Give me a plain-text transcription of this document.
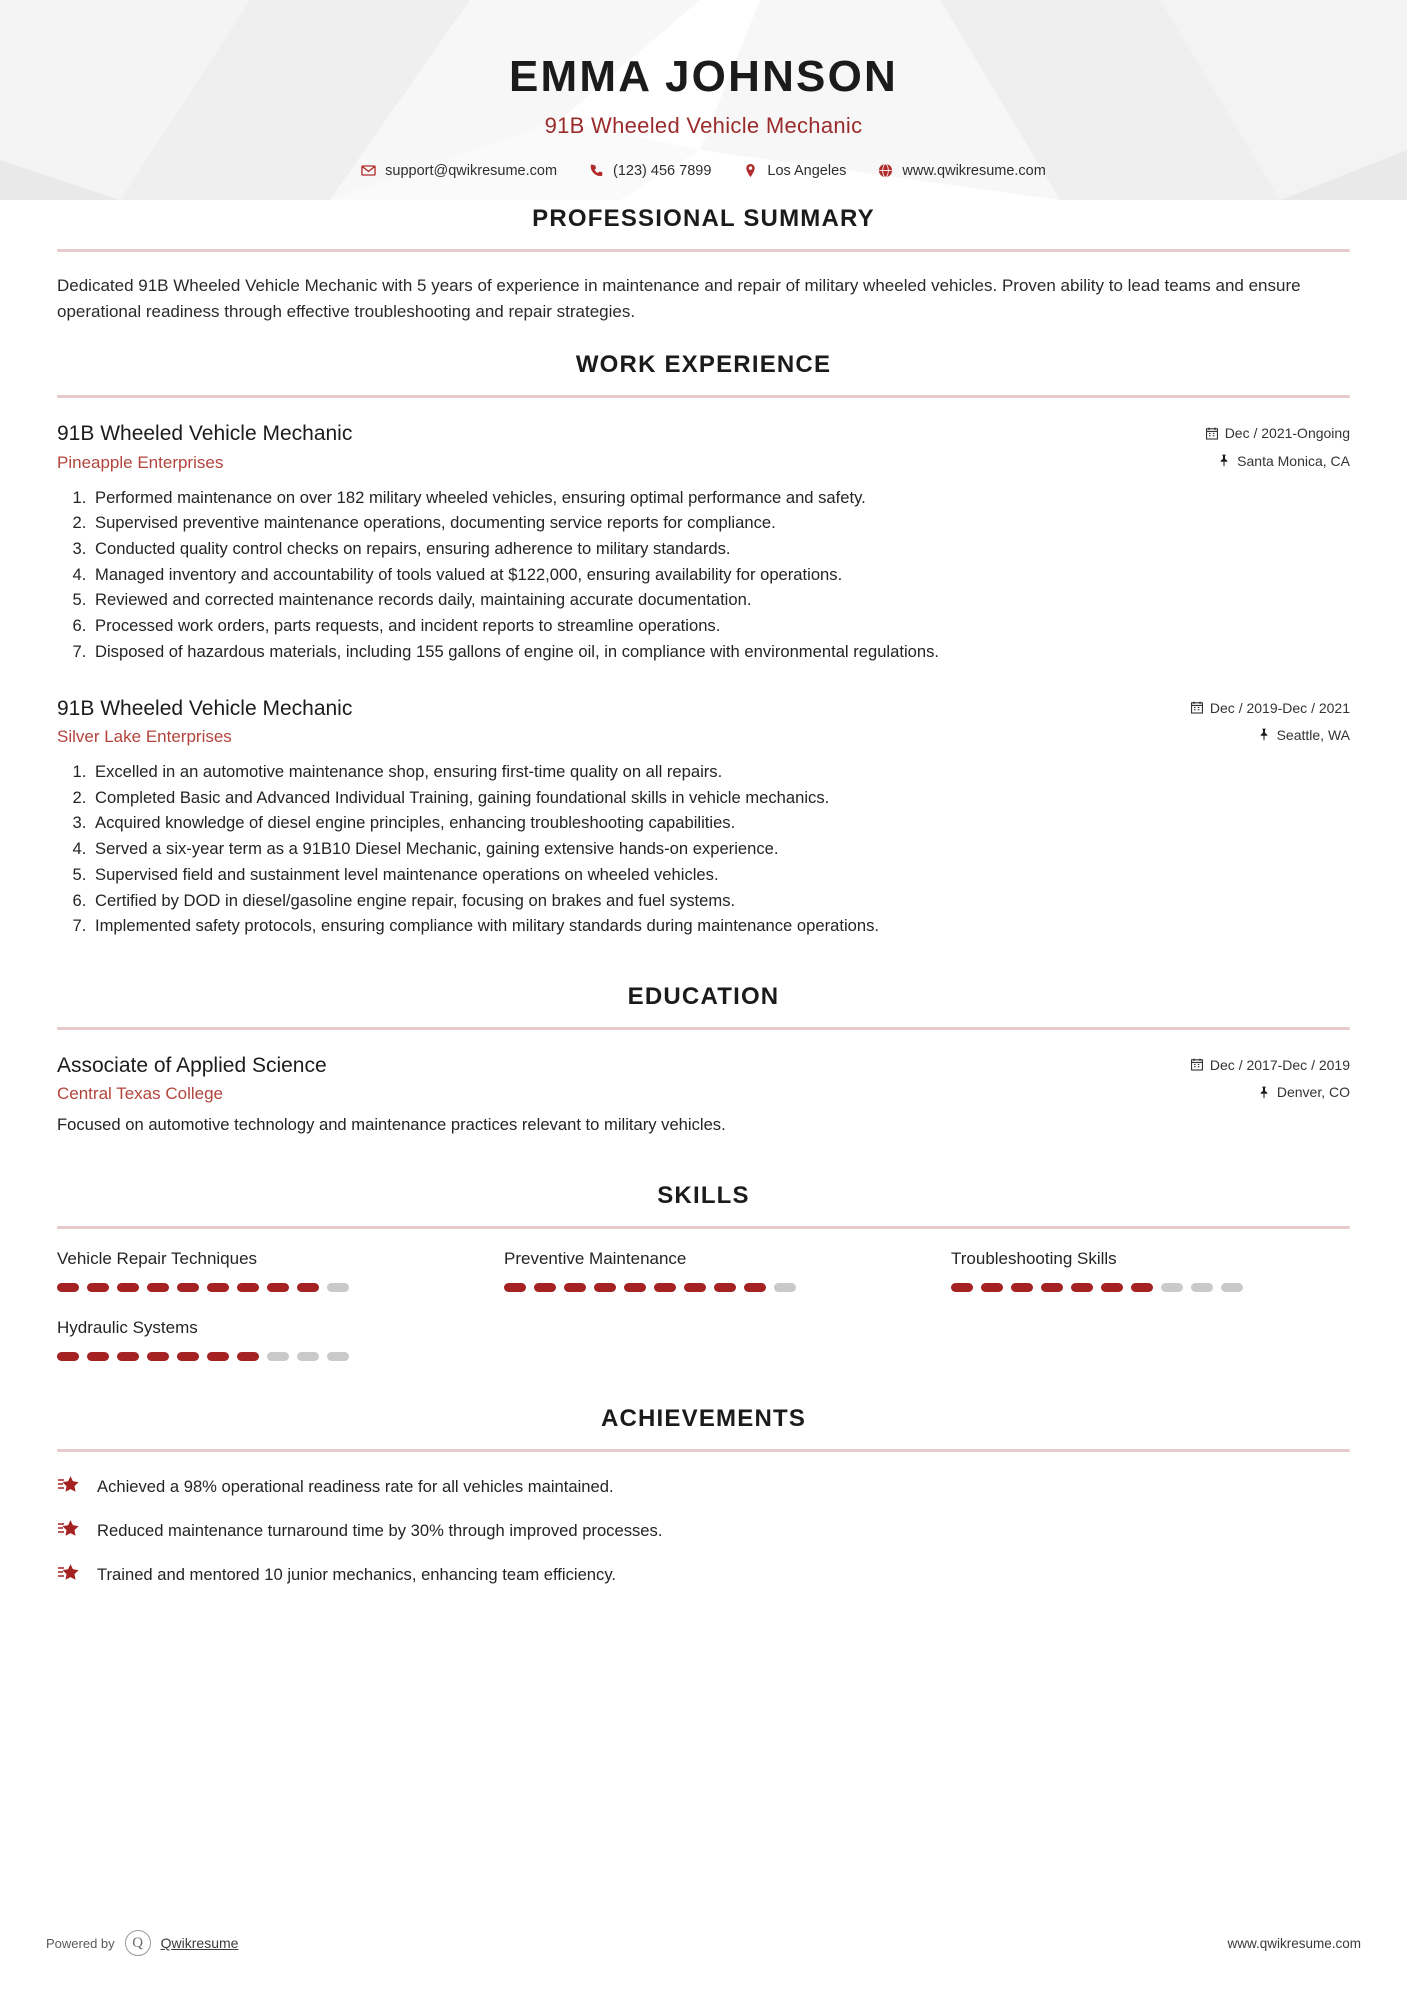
EMMA JOHNSON
91B Wheeled Vehicle Mechanic
support@qwikresume.com	(123) 456 7899	Los Angeles	www.qwikresume.com
PROFESSIONAL SUMMARY
Dedicated 91B Wheeled Vehicle Mechanic with 5 years of experience in maintenance and repair of military wheeled vehicles. Proven ability to lead teams and ensure operational readiness through effective troubleshooting and repair strategies.
WORK EXPERIENCE
91B Wheeled Vehicle Mechanic	Dec / 2021-Ongoing
Pineapple Enterprises	Santa Monica, CA
1. Performed maintenance on over 182 military wheeled vehicles, ensuring optimal performance and safety.
2. Supervised preventive maintenance operations, documenting service reports for compliance.
3. Conducted quality control checks on repairs, ensuring adherence to military standards.
4. Managed inventory and accountability of tools valued at $122,000, ensuring availability for operations.
5. Reviewed and corrected maintenance records daily, maintaining accurate documentation.
6. Processed work orders, parts requests, and incident reports to streamline operations.
7. Disposed of hazardous materials, including 155 gallons of engine oil, in compliance with environmental regulations.
91B Wheeled Vehicle Mechanic	Dec / 2019-Dec / 2021
Silver Lake Enterprises	Seattle, WA
1. Excelled in an automotive maintenance shop, ensuring first-time quality on all repairs.
2. Completed Basic and Advanced Individual Training, gaining foundational skills in vehicle mechanics.
3. Acquired knowledge of diesel engine principles, enhancing troubleshooting capabilities.
4. Served a six-year term as a 91B10 Diesel Mechanic, gaining extensive hands-on experience.
5. Supervised field and sustainment level maintenance operations on wheeled vehicles.
6. Certified by DOD in diesel/gasoline engine repair, focusing on brakes and fuel systems.
7. Implemented safety protocols, ensuring compliance with military standards during maintenance operations.
EDUCATION
Associate of Applied Science	Dec / 2017-Dec / 2019
Central Texas College	Denver, CO
Focused on automotive technology and maintenance practices relevant to military vehicles.
SKILLS
Vehicle Repair Techniques	Preventive Maintenance	Troubleshooting Skills
Hydraulic Systems
ACHIEVEMENTS
Achieved a 98% operational readiness rate for all vehicles maintained.
Reduced maintenance turnaround time by 30% through improved processes.
Trained and mentored 10 junior mechanics, enhancing team efficiency.
Powered by	Q	Qwikresume	www.qwikresume.com
